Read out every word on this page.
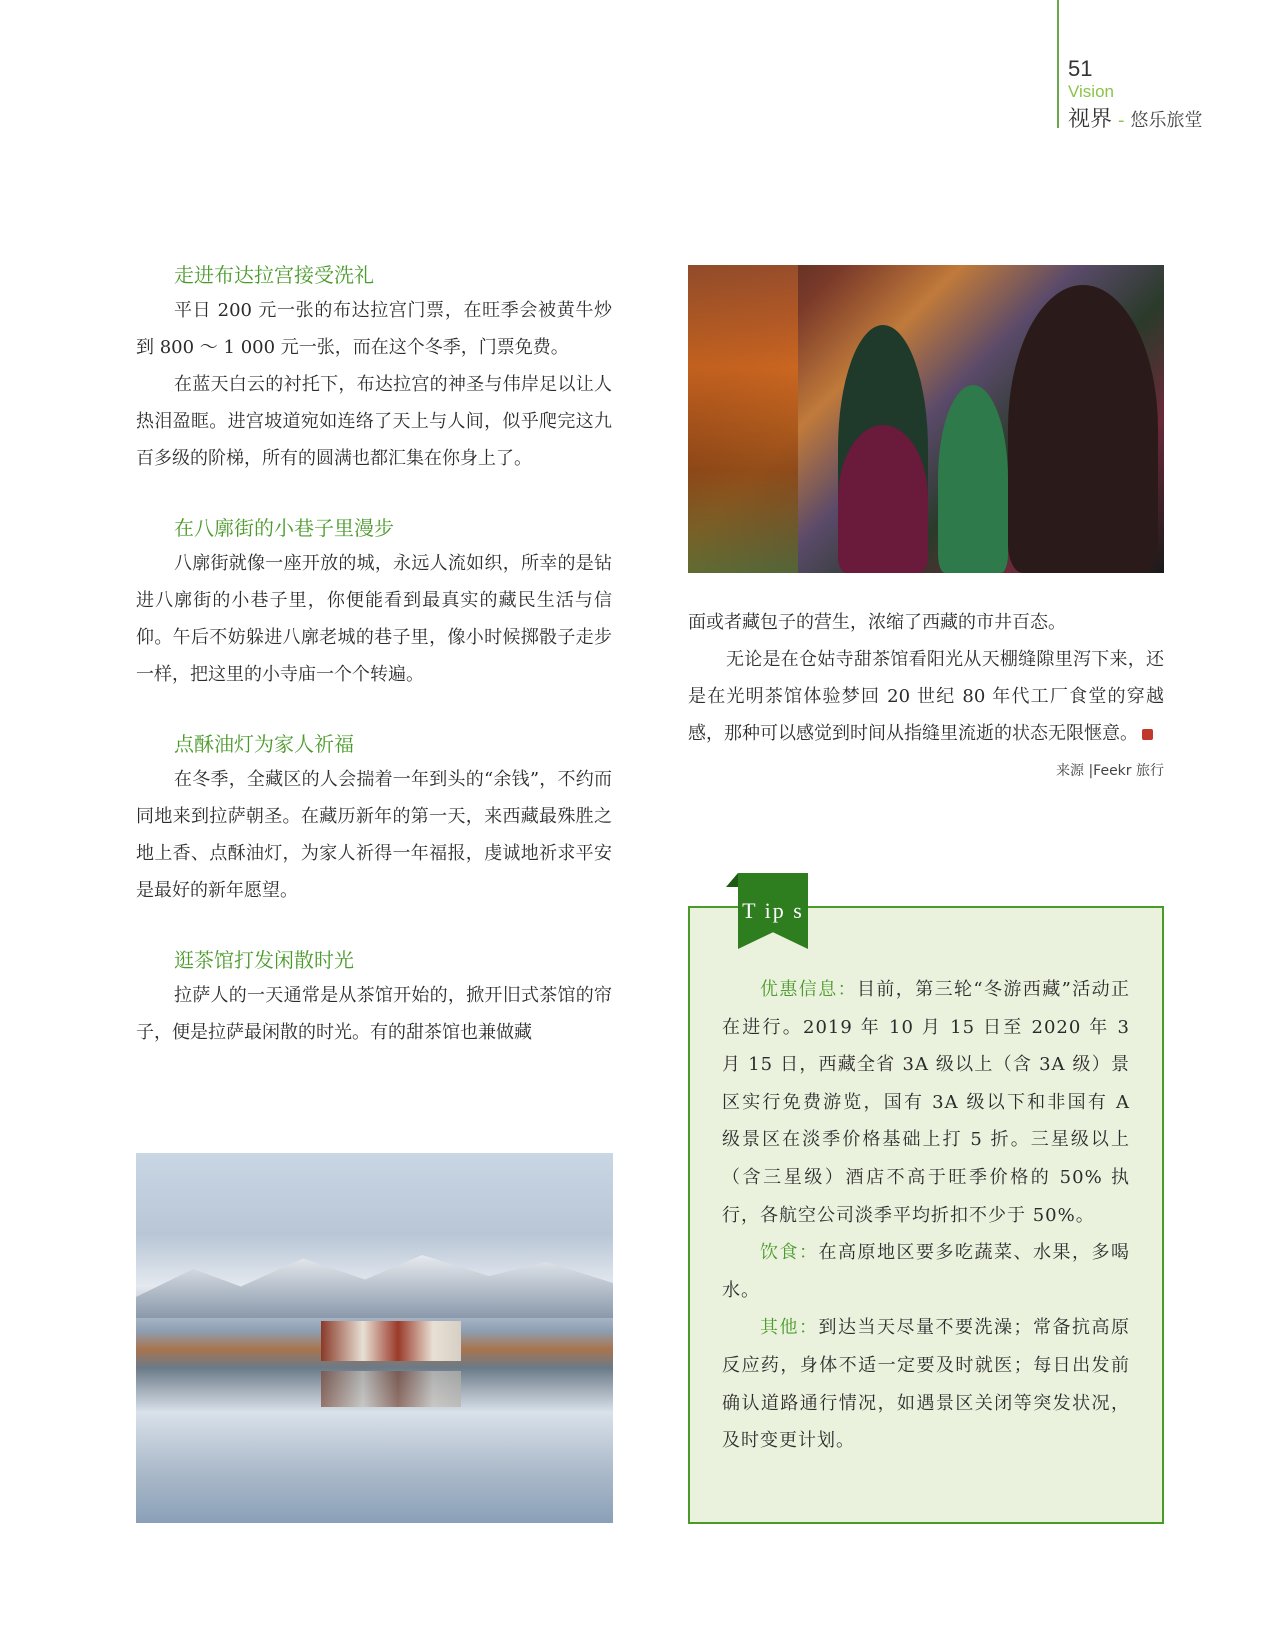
51
Vision
视界 - 悠乐旅堂
走进布达拉宫接受洗礼

平日 200 元一张的布达拉宫门票，在旺季会被黄牛炒到 800 ～ 1 000 元一张，而在这个冬季，门票免费。

在蓝天白云的衬托下，布达拉宫的神圣与伟岸足以让人热泪盈眶。进宫坡道宛如连络了天上与人间，似乎爬完这九百多级的阶梯，所有的圆满也都汇集在你身上了。

在八廓街的小巷子里漫步

八廓街就像一座开放的城，永远人流如织，所幸的是钻进八廓街的小巷子里，你便能看到最真实的藏民生活与信仰。午后不妨躲进八廓老城的巷子里，像小时候掷骰子走步一样，把这里的小寺庙一个个转遍。

点酥油灯为家人祈福

在冬季，全藏区的人会揣着一年到头的“余钱”，不约而同地来到拉萨朝圣。在藏历新年的第一天，来西藏最殊胜之地上香、点酥油灯，为家人祈得一年福报，虔诚地祈求平安是最好的新年愿望。

逛茶馆打发闲散时光

拉萨人的一天通常是从茶馆开始的，掀开旧式茶馆的帘子，便是拉萨最闲散的时光。有的甜茶馆也兼做藏

面或者藏包子的营生，浓缩了西藏的市井百态。

无论是在仓姑寺甜茶馆看阳光从天棚缝隙里泻下来，还是在光明茶馆体验梦回 20 世纪 80 年代工厂食堂的穿越感，那种可以感觉到时间从指缝里流逝的状态无限惬意。

来源 |Feekr 旅行
T ip s

优惠信息：目前，第三轮“冬游西藏”活动正在进行。2019 年 10 月 15 日至 2020 年 3 月 15 日，西藏全省 3A 级以上（含 3A 级）景区实行免费游览，国有 3A 级以下和非国有 A 级景区在淡季价格基础上打 5 折。三星级以上（含三星级）酒店不高于旺季价格的 50% 执行，各航空公司淡季平均折扣不少于 50%。

饮食：在高原地区要多吃蔬菜、水果，多喝水。

其他：到达当天尽量不要洗澡；常备抗高原反应药，身体不适一定要及时就医；每日出发前确认道路通行情况，如遇景区关闭等突发状况，及时变更计划。
